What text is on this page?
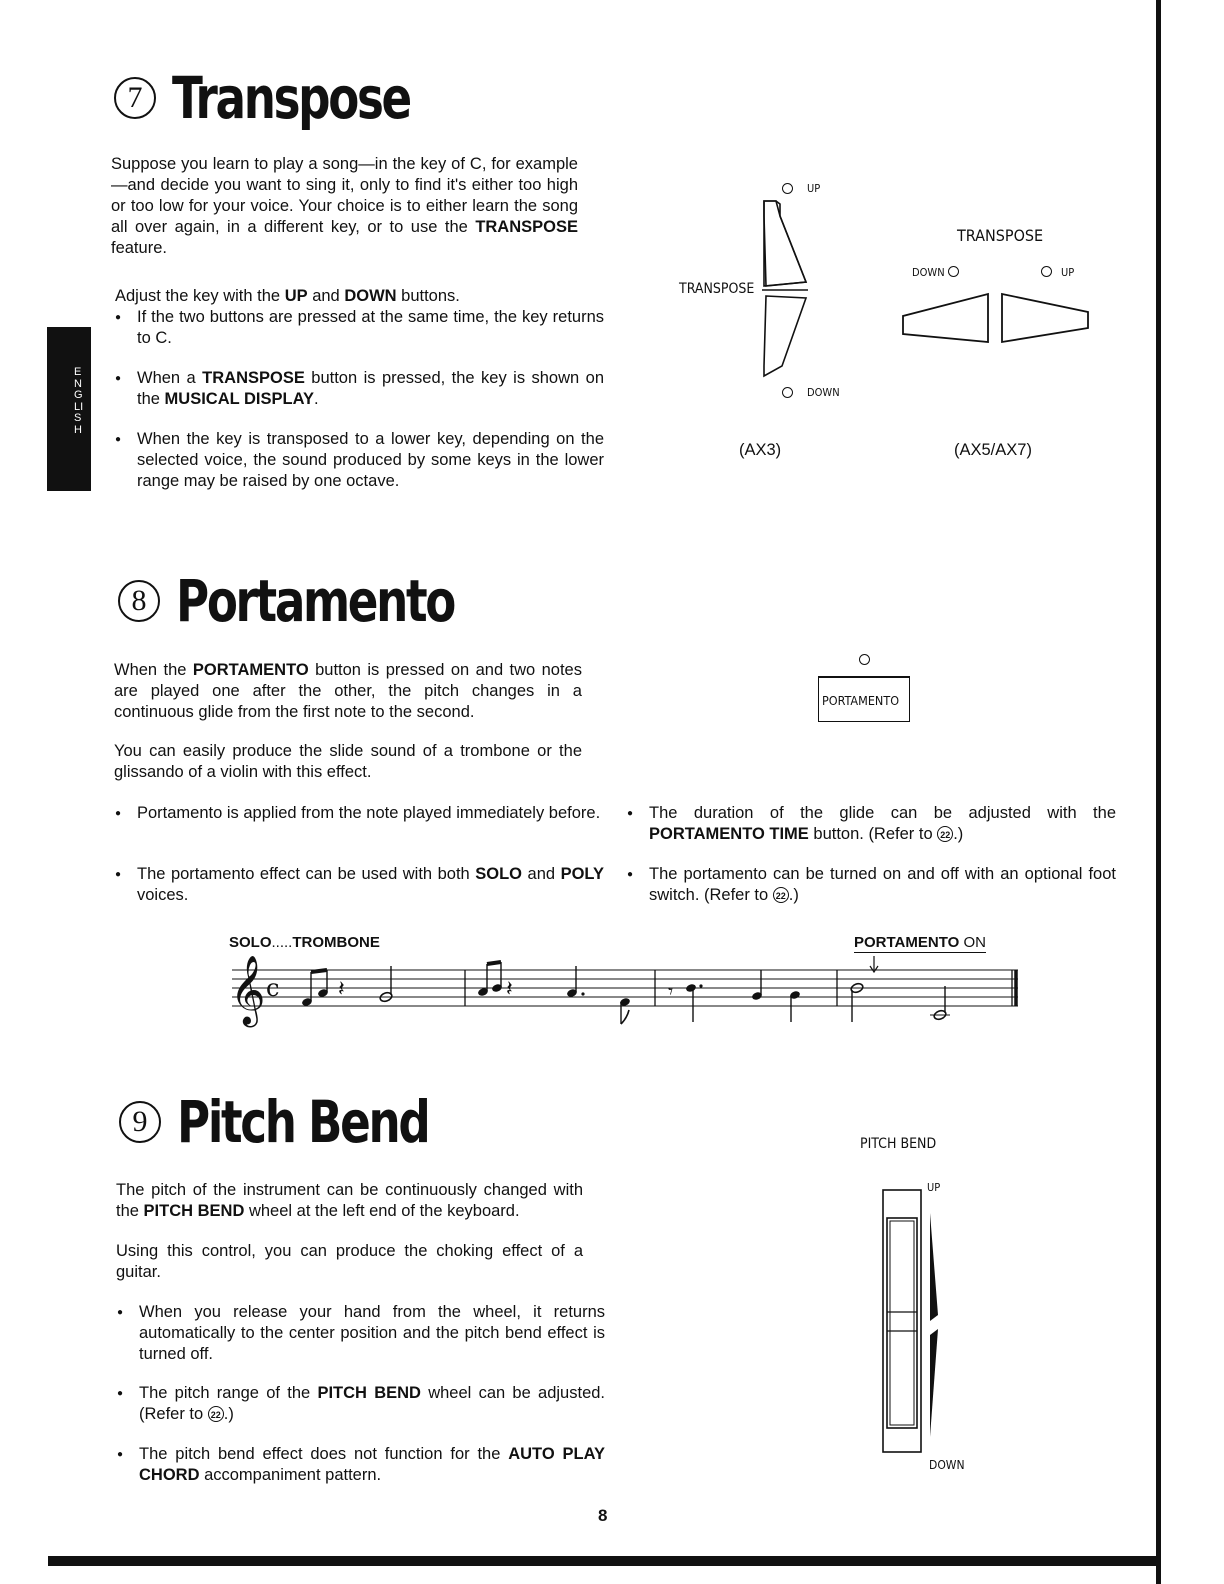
ENGLISH
7 Transpose
Suppose you learn to play a song—in the key of C, for example—and decide you want to sing it, only to find it's either too high or too low for your voice. Your choice is to either learn the song all over again, in a different key, or to use the TRANSPOSE feature.
Adjust the key with the UP and DOWN buttons.
● If the two buttons are pressed at the same time, the key returns to C.
● When a TRANSPOSE button is pressed, the key is shown on the MUSICAL DISPLAY.
● When the key is transposed to a lower key, depending on the selected voice, the sound produced by some keys in the lower range may be raised by one octave.
UP
TRANSPOSE
DOWN
(AX3)
TRANSPOSE
DOWN	UP
(AX5/AX7)
8 Portamento
When the PORTAMENTO button is pressed on and two notes are played one after the other, the pitch changes in a continuous glide from the first note to the second.
You can easily produce the slide sound of a trombone or the glissando of a violin with this effect.
● Portamento is applied from the note played immediately before.
● The portamento effect can be used with both SOLO and POLY voices.
● The duration of the glide can be adjusted with the PORTAMENTO TIME button. (Refer to 22 .)
● The portamento can be turned on and off with an optional foot switch. (Refer to 22 .)
PORTAMENTO
SOLO.....TROMBONE	PORTAMENTO ON
𝄞 c	𝄽	𝄽	𝄾
9 Pitch Bend
The pitch of the instrument can be continuously changed with the PITCH BEND wheel at the left end of the keyboard.
Using this control, you can produce the choking effect of a guitar.
● When you release your hand from the wheel, it returns automatically to the center position and the pitch bend effect is turned off.
● The pitch range of the PITCH BEND wheel can be adjusted. (Refer to 22 .)
● The pitch bend effect does not function for the AUTO PLAY CHORD accompaniment pattern.
PITCH BEND
UP
DOWN
8
